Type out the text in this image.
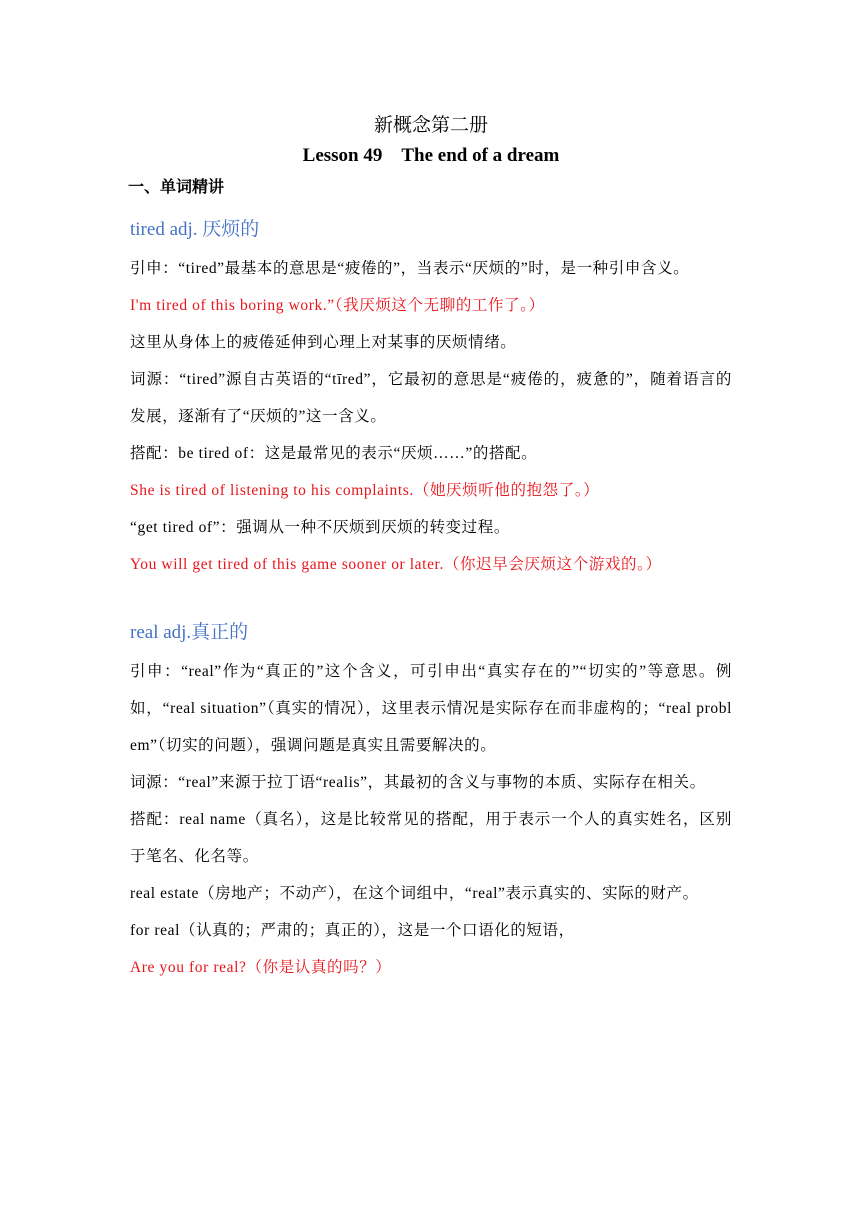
新概念第二册

Lesson 49　The end of a dream

一、单词精讲

tired adj. 厌烦的

引申：“tired”最基本的意思是“疲倦的”，当表示“厌烦的”时，是一种引申含义。

I'm tired of this boring work.”（我厌烦这个无聊的工作了。）

这里从身体上的疲倦延伸到心理上对某事的厌烦情绪。

词源：“tired”源自古英语的“tīred”，它最初的意思是“疲倦的，疲惫的”，随着语言的发展，逐渐有了“厌烦的”这一含义。

搭配：be tired of：这是最常见的表示“厌烦……”的搭配。

She is tired of listening to his complaints.（她厌烦听他的抱怨了。）

“get tired of”：强调从一种不厌烦到厌烦的转变过程。

You will get tired of this game sooner or later.（你迟早会厌烦这个游戏的。）

real adj.真正的

引申：“real”作为“真正的”这个含义，可引申出“真实存在的”“切实的”等意思。例如，“real situation”（真实的情况），这里表示情况是实际存在而非虚构的；“real problem”（切实的问题），强调问题是真实且需要解决的。

词源：“real”来源于拉丁语“realis”，其最初的含义与事物的本质、实际存在相关。

搭配：real name（真名），这是比较常见的搭配，用于表示一个人的真实姓名，区别于笔名、化名等。

real estate（房地产；不动产），在这个词组中，“real”表示真实的、实际的财产。

for real（认真的；严肃的；真正的），这是一个口语化的短语，

Are you for real?（你是认真的吗？）
